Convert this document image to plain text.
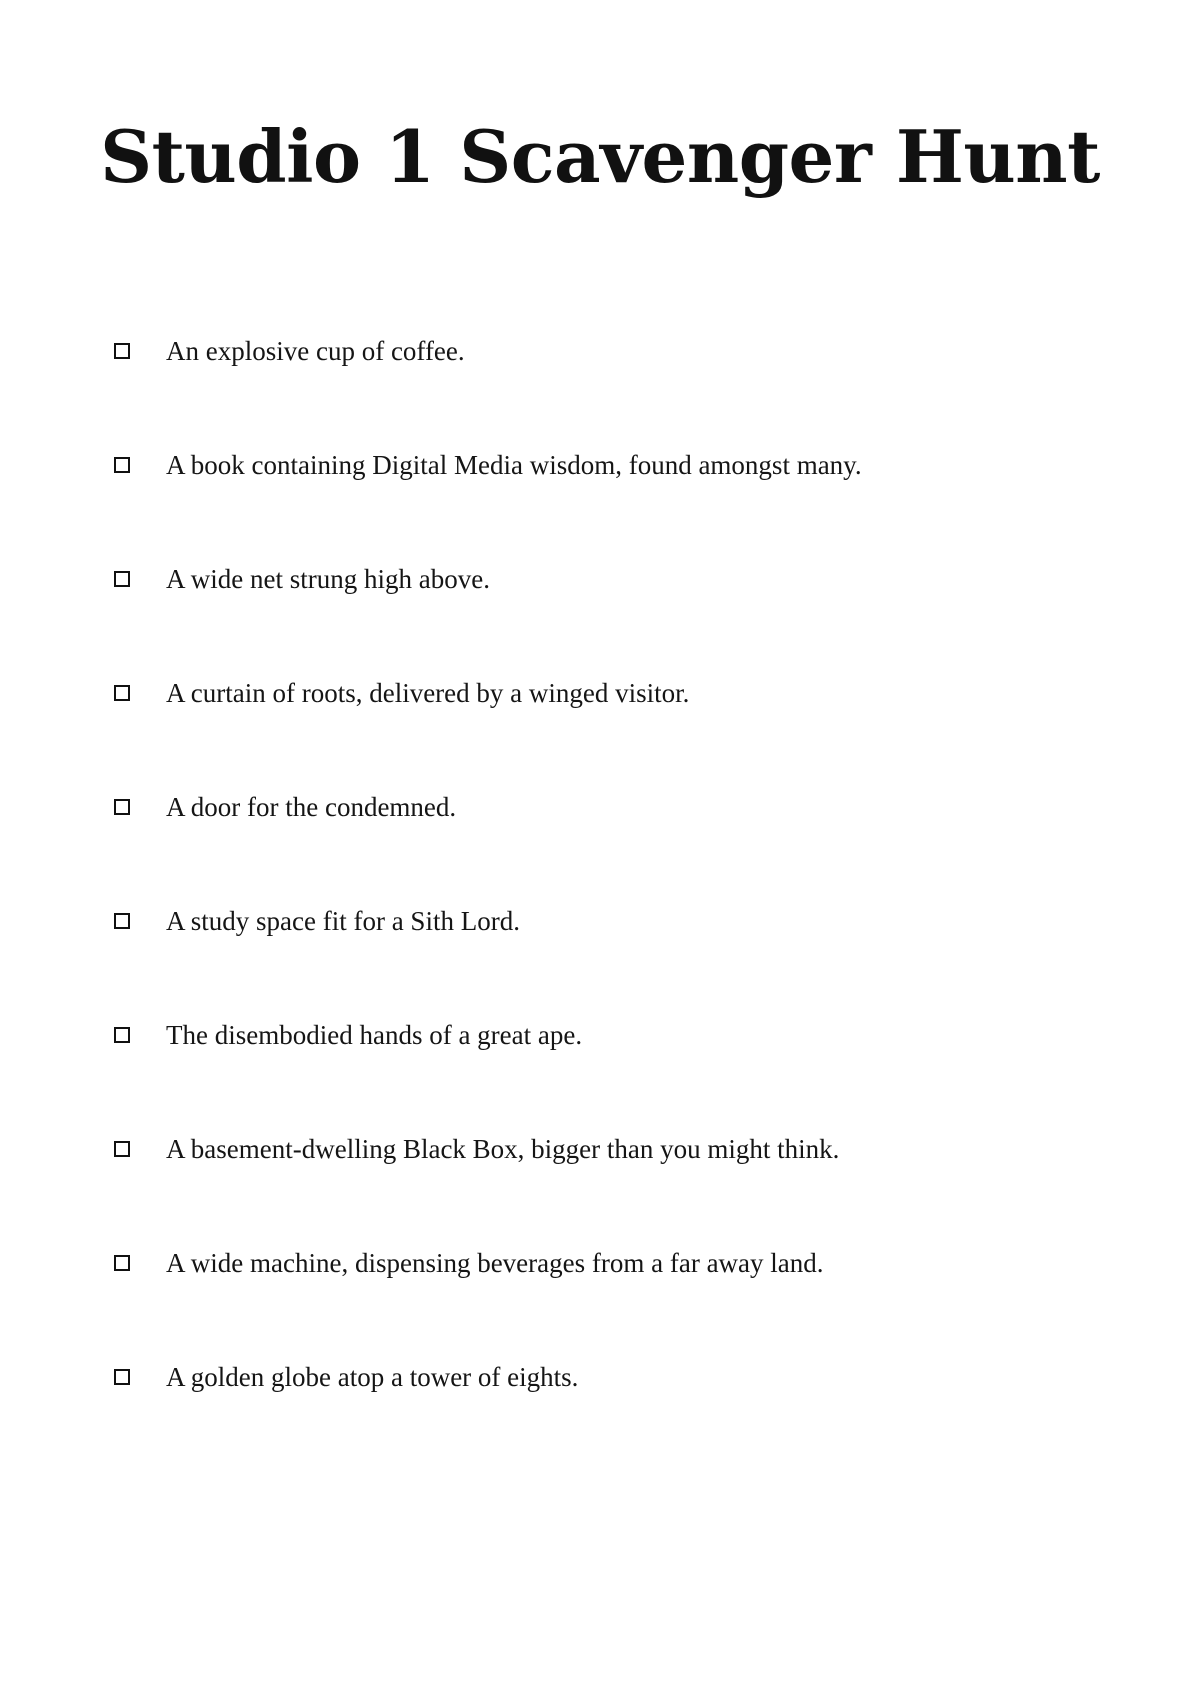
Studio 1 Scavenger Hunt
An explosive cup of coffee.
A book containing Digital Media wisdom, found amongst many.
A wide net strung high above.
A curtain of roots, delivered by a winged visitor.
A door for the condemned.
A study space fit for a Sith Lord.
The disembodied hands of a great ape.
A basement-dwelling Black Box, bigger than you might think.
A wide machine, dispensing beverages from a far away land.
A golden globe atop a tower of eights.
